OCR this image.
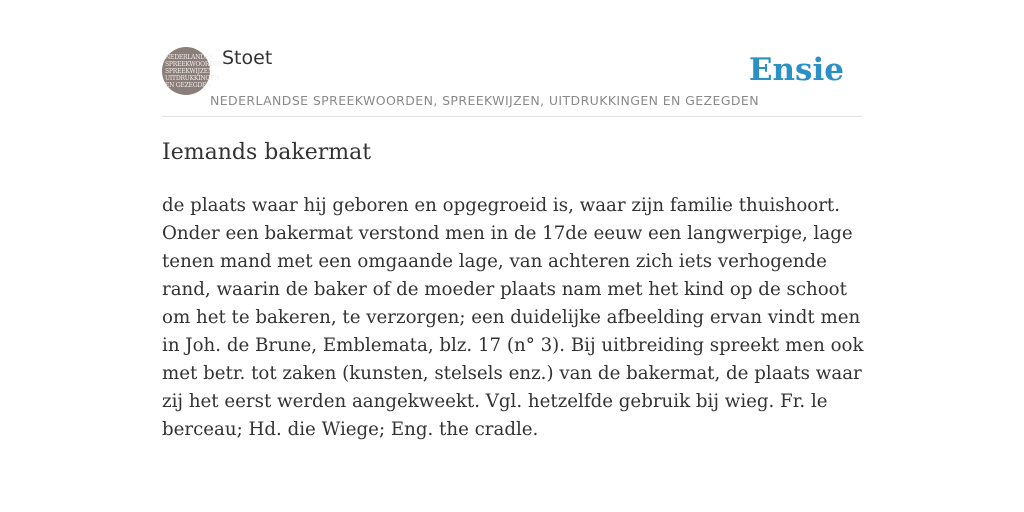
NEDERLANDSE
SPREEKWOORDEN
SPREEKWIJZEN
UITDRUKKINGEN
EN GEZEGDEN
Stoet
NEDERLANDSE SPREEKWOORDEN, SPREEKWIJZEN, UITDRUKKINGEN EN GEZEGDEN
Ensie
Iemands bakermat

de plaats waar hij geboren en opgegroeid is, waar zijn familie thuishoort. Onder een bakermat verstond men in de 17de eeuw een langwerpige, lage tenen mand met een omgaande lage, van achteren zich iets verhogende rand, waarin de baker of de moeder plaats nam met het kind op de schoot om het te bakeren, te verzorgen; een duidelijke afbeelding ervan vindt men in Joh. de Brune, Emblemata, blz. 17 (n° 3). Bij uitbreiding spreekt men ook met betr. tot zaken (kunsten, stelsels enz.) van de bakermat, de plaats waar zij het eerst werden aangekweekt. Vgl. hetzelfde gebruik bij wieg. Fr. le berceau; Hd. die Wiege; Eng. the cradle.
